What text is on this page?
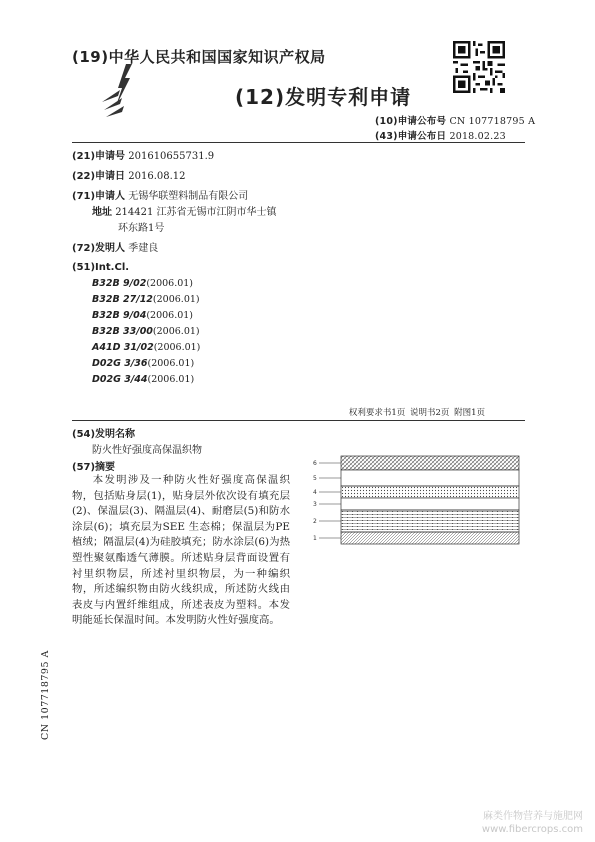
(19)中华人民共和国国家知识产权局
(12)发明专利申请
(10)申请公布号 CN 107718795 A
(43)申请公布日 2018.02.23
(21)申请号 201610655731.9
(22)申请日 2016.08.12
(71)申请人 无锡华联塑料制品有限公司
地址 214421 江苏省无锡市江阴市华士镇
环东路1号
(72)发明人 季建良
(51)Int.Cl.
B32B 9/02(2006.01)
B32B 27/12(2006.01)
B32B 9/04(2006.01)
B32B 33/00(2006.01)
A41D 31/02(2006.01)
D02G 3/36(2006.01)
D02G 3/44(2006.01)
权利要求书1页 说明书2页 附图1页
(54)发明名称
防火性好强度高保温织物
(57)摘要

本发明涉及一种防火性好强度高保温织物，包括贴身层(1)，贴身层外依次设有填充层(2)、保温层(3)、隔温层(4)、耐磨层(5)和防水涂层(6)；填充层为SEE 生态棉；保温层为PE 植绒；隔温层(4)为硅胶填充；防水涂层(6)为热塑性聚氨酯透气薄膜。所述贴身层背面设置有衬里织物层，所述衬里织物层，为一种编织物，所述编织物由防火线织成，所述防火线由表皮与内置纤维组成，所述表皮为塑料。本发明能延长保温时间。本发明防火性好强度高。

6
5
4
3
2
1
CN 107718795 A
麻类作物营养与施肥网
www.fibercrops.com
